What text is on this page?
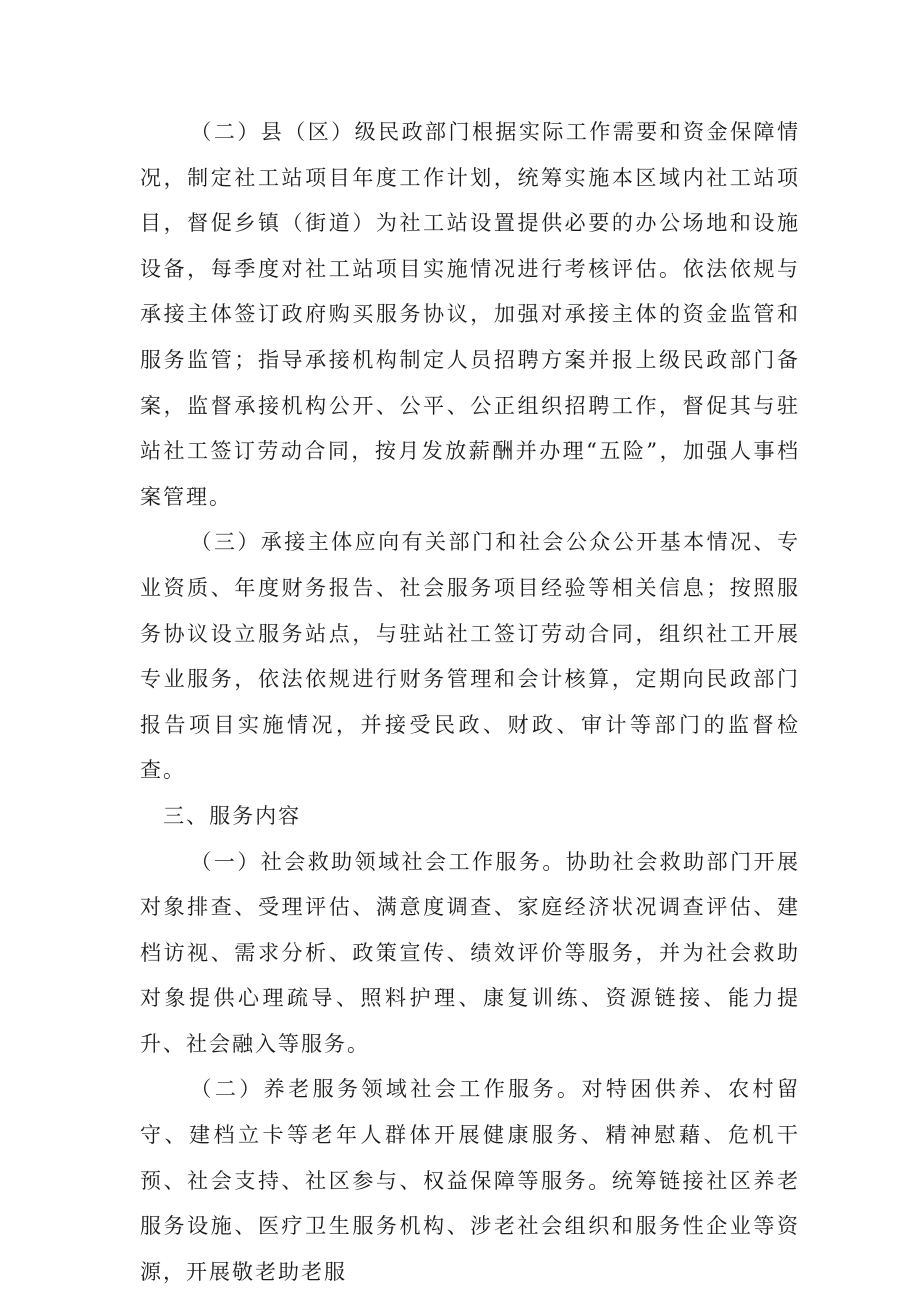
（二）县（区）级民政部门根据实际工作需要和资金保障情况，制定社工站项目年度工作计划，统筹实施本区域内社工站项目，督促乡镇（街道）为社工站设置提供必要的办公场地和设施设备，每季度对社工站项目实施情况进行考核评估。依法依规与承接主体签订政府购买服务协议，加强对承接主体的资金监管和服务监管；指导承接机构制定人员招聘方案并报上级民政部门备案，监督承接机构公开、公平、公正组织招聘工作，督促其与驻站社工签订劳动合同，按月发放薪酬并办理“五险”，加强人事档案管理。

（三）承接主体应向有关部门和社会公众公开基本情况、专业资质、年度财务报告、社会服务项目经验等相关信息；按照服务协议设立服务站点，与驻站社工签订劳动合同，组织社工开展专业服务，依法依规进行财务管理和会计核算，定期向民政部门报告项目实施情况，并接受民政、财政、审计等部门的监督检查。

三、服务内容

（一）社会救助领域社会工作服务。协助社会救助部门开展对象排查、受理评估、满意度调查、家庭经济状况调查评估、建档访视、需求分析、政策宣传、绩效评价等服务，并为社会救助对象提供心理疏导、照料护理、康复训练、资源链接、能力提升、社会融入等服务。

（二）养老服务领域社会工作服务。对特困供养、农村留守、建档立卡等老年人群体开展健康服务、精神慰藉、危机干预、社会支持、社区参与、权益保障等服务。统筹链接社区养老服务设施、医疗卫生服务机构、涉老社会组织和服务性企业等资源，开展敬老助老服
